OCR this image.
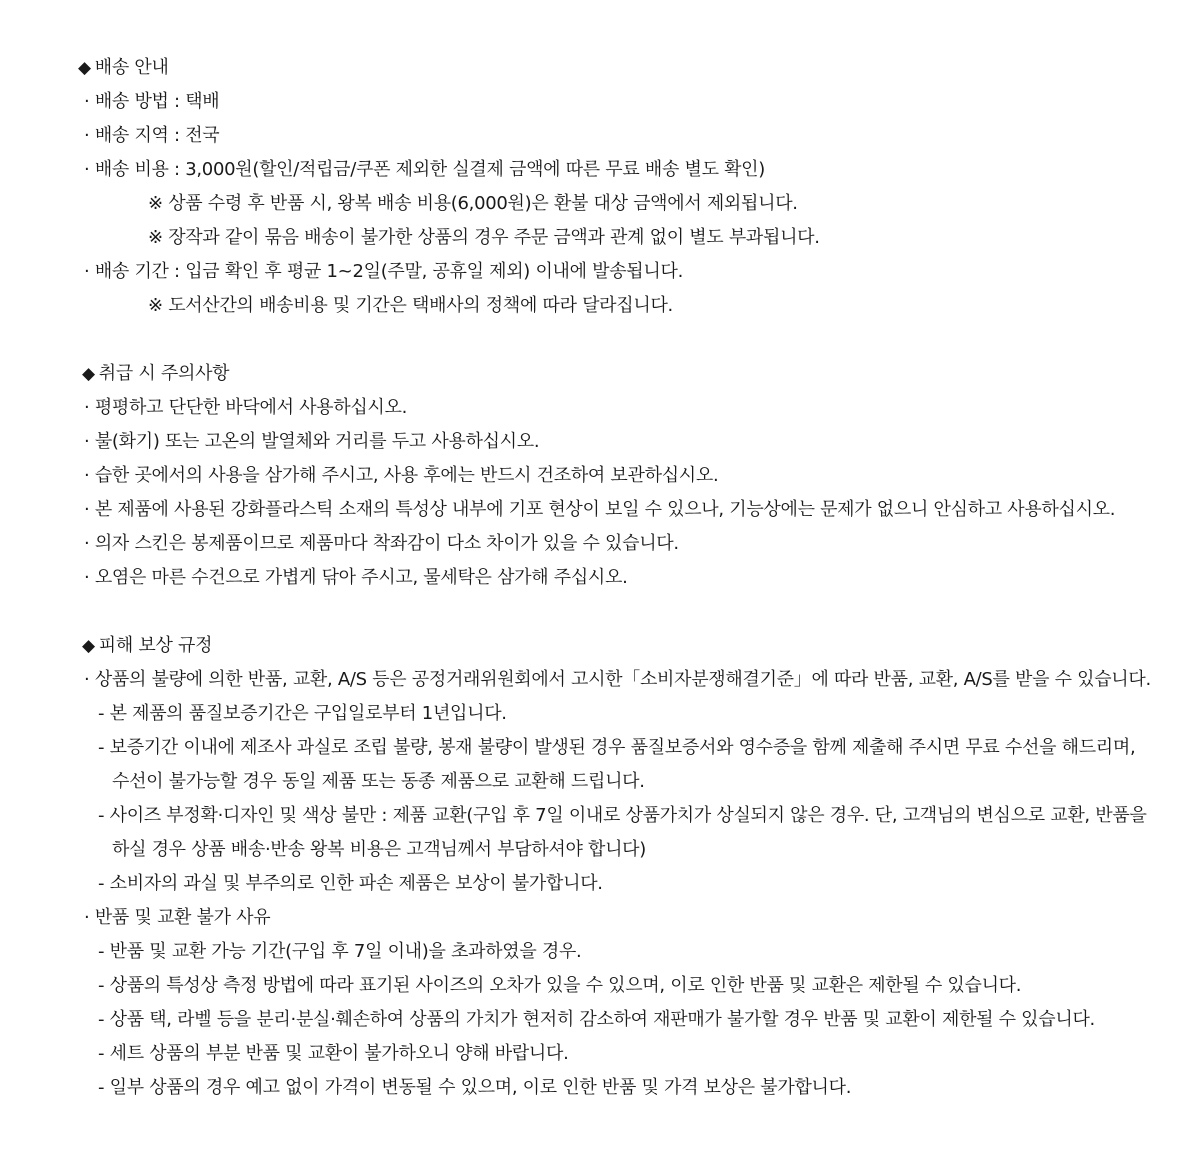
◆ 배송 안내
· 배송 방법 : 택배
· 배송 지역 : 전국
· 배송 비용 : 3,000원(할인/적립금/쿠폰 제외한 실결제 금액에 따른 무료 배송 별도 확인)
※ 상품 수령 후 반품 시, 왕복 배송 비용(6,000원)은 환불 대상 금액에서 제외됩니다.
※ 장작과 같이 묶음 배송이 불가한 상품의 경우 주문 금액과 관계 없이 별도 부과됩니다.
· 배송 기간 : 입금 확인 후 평균 1~2일(주말, 공휴일 제외) 이내에 발송됩니다.
※ 도서산간의 배송비용 및 기간은 택배사의 정책에 따라 달라집니다.
◆ 취급 시 주의사항
· 평평하고 단단한 바닥에서 사용하십시오.
· 불(화기) 또는 고온의 발열체와 거리를 두고 사용하십시오.
· 습한 곳에서의 사용을 삼가해 주시고, 사용 후에는 반드시 건조하여 보관하십시오.
· 본 제품에 사용된 강화플라스틱 소재의 특성상 내부에 기포 현상이 보일 수 있으나, 기능상에는 문제가 없으니 안심하고 사용하십시오.
· 의자 스킨은 봉제품이므로 제품마다 착좌감이 다소 차이가 있을 수 있습니다.
· 오염은 마른 수건으로 가볍게 닦아 주시고, 물세탁은 삼가해 주십시오.
◆ 피해 보상 규정
· 상품의 불량에 의한 반품, 교환, A/S 등은 공정거래위원회에서 고시한「소비자분쟁해결기준」에 따라 반품, 교환, A/S를 받을 수 있습니다.
- 본 제품의 품질보증기간은 구입일로부터 1년입니다.
- 보증기간 이내에 제조사 과실로 조립 불량, 봉재 불량이 발생된 경우 품질보증서와 영수증을 함께 제출해 주시면 무료 수선을 해드리며,
수선이 불가능할 경우 동일 제품 또는 동종 제품으로 교환해 드립니다.
- 사이즈 부정확·디자인 및 색상 불만 : 제품 교환(구입 후 7일 이내로 상품가치가 상실되지 않은 경우. 단, 고객님의 변심으로 교환, 반품을
하실 경우 상품 배송·반송 왕복 비용은 고객님께서 부담하셔야 합니다)
- 소비자의 과실 및 부주의로 인한 파손 제품은 보상이 불가합니다.
· 반품 및 교환 불가 사유
- 반품 및 교환 가능 기간(구입 후 7일 이내)을 초과하였을 경우.
- 상품의 특성상 측정 방법에 따라 표기된 사이즈의 오차가 있을 수 있으며, 이로 인한 반품 및 교환은 제한될 수 있습니다.
- 상품 택, 라벨 등을 분리·분실·훼손하여 상품의 가치가 현저히 감소하여 재판매가 불가할 경우 반품 및 교환이 제한될 수 있습니다.
- 세트 상품의 부분 반품 및 교환이 불가하오니 양해 바랍니다.
- 일부 상품의 경우 예고 없이 가격이 변동될 수 있으며, 이로 인한 반품 및 가격 보상은 불가합니다.
